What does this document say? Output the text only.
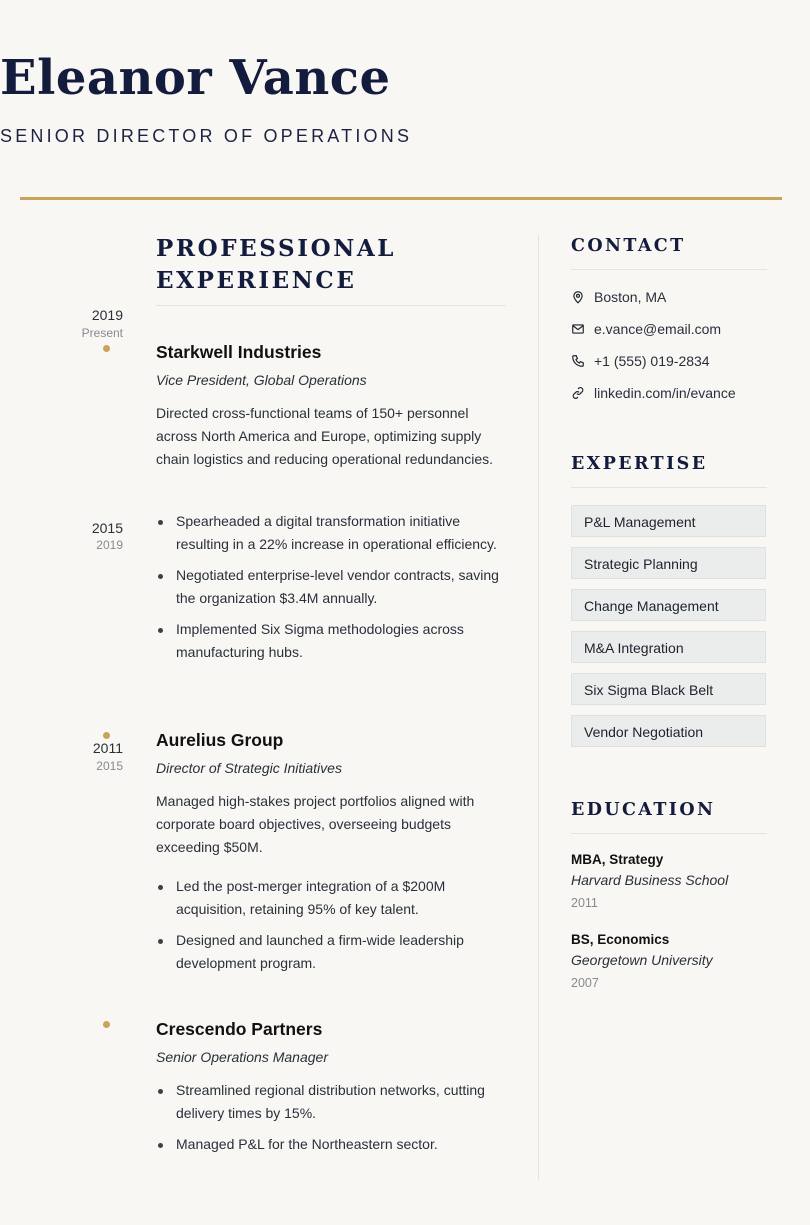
Eleanor Vance
SENIOR DIRECTOR OF OPERATIONS
PROFESSIONAL
EXPERIENCE
2019
Present
2015
2019
2011
2015
Starkwell Industries
Vice President, Global Operations
Directed cross-functional teams of 150+ personnel across North America and Europe, optimizing supply chain logistics and reducing operational redundancies.
Spearheaded a digital transformation initiative resulting in a 22% increase in operational efficiency.
Negotiated enterprise-level vendor contracts, saving the organization $3.4M annually.
Implemented Six Sigma methodologies across manufacturing hubs.
Aurelius Group
Director of Strategic Initiatives
Managed high-stakes project portfolios aligned with corporate board objectives, overseeing budgets exceeding $50M.
Led the post-merger integration of a $200M acquisition, retaining 95% of key talent.
Designed and launched a firm-wide leadership development program.
Crescendo Partners
Senior Operations Manager
Streamlined regional distribution networks, cutting delivery times by 15%.
Managed P&L for the Northeastern sector.
CONTACT
Boston, MA
e.vance@email.com
+1 (555) 019-2834
linkedin.com/in/evance
EXPERTISE
P&L Management
Strategic Planning
Change Management
M&A Integration
Six Sigma Black Belt
Vendor Negotiation
EDUCATION
MBA, Strategy
Harvard Business School
2011
BS, Economics
Georgetown University
2007
